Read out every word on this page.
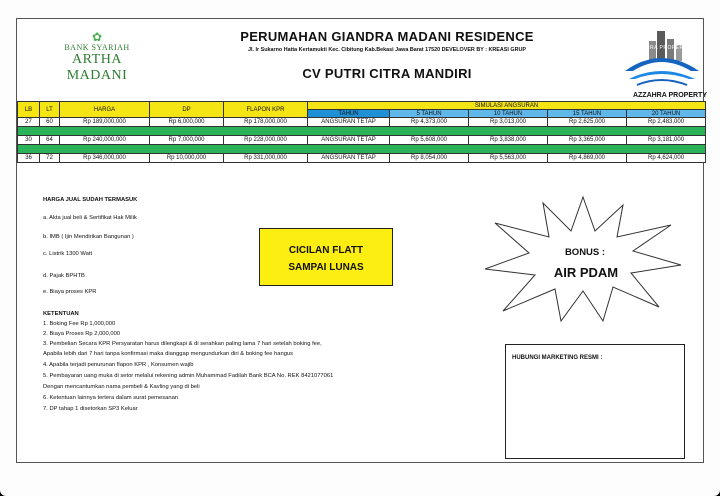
✿
BANK SYARIAH
ARTHA MADANI
PERUMAHAN GIANDRA MADANI RESIDENCE
Jl. Ir Sukarno Hatta Kertamukti Kec. Cibitung Kab.Bekasi Jawa Barat 17520 DEVELOVER BY : KREASI GRUP
CV PUTRI CITRA MANDIRI
AZZAHRA PROPERTY
AZZAHRA PROPERTY
LB	LT	HARGA	DP	FLAPON KPR	SIMULASI ANGSURAN				
					TAHUN	5 TAHUN	10 TAHUN	15 TAHUN	20 TAHUN
27	60	Rp 189,000,000	Rp 6,000,000	Rp 178,000,000	ANGSURAN TETAP	Rp 4,373,000	Rp 3,013,000	Rp 2,625,000	Rp 2,483,000

30	64	Rp 240,000,000	Rp 7,000,000	Rp 228,000,000	ANGSURAN TETAP	Rp 5,608,000	Rp 3,838,000	Rp 3,365,000	Rp 3,181,000

36	72	Rp 346,000,000	Rp 10,000,000	Rp 331,000,000	ANGSURAN TETAP	Rp 8,054,000	Rp 5,563,000	Rp 4,869,000	Rp 4,624,000
HARGA JUAL SUDAH TERMASUK
a. Akta jual beli & Sertifikat Hak Milik
b. IMB ( Ijin Mendirikan Bangunan )
c. Listrik 1300 Watt
d. Pajak BPHTB
e. Biaya proses KPR
CICILAN FLATT
SAMPAI LUNAS
BONUS :
AIR PDAM
KETENTUAN
1. Boking Fee Rp 1,000,000
2. Biaya Proses Rp 2,000,000
3. Pembelian Secara KPR Persyaratan harus dilengkapi & di serahkan paling lama 7 hari setelah boking fee,
Apabila lebih dari 7 hari tanpa konfirmasi maka dianggap mengundurkan diri & boking fee hangus
4. Apabila terjadi penurunan flapon KPR , Konsumen wajib
5. Pembayaran uang muka di setor melalui rekening admin Muhammad Fadilah Bank BCA No. REK 8421077061
Dengan mencantumkan nama pembeli & Kavling yang di beli
6. Ketentuan lainnya tertera dalam surat pemesanan
7. DP tahap 1 disetorkan SP3 Keluar
HUBUNGI MARKETING RESMI :
